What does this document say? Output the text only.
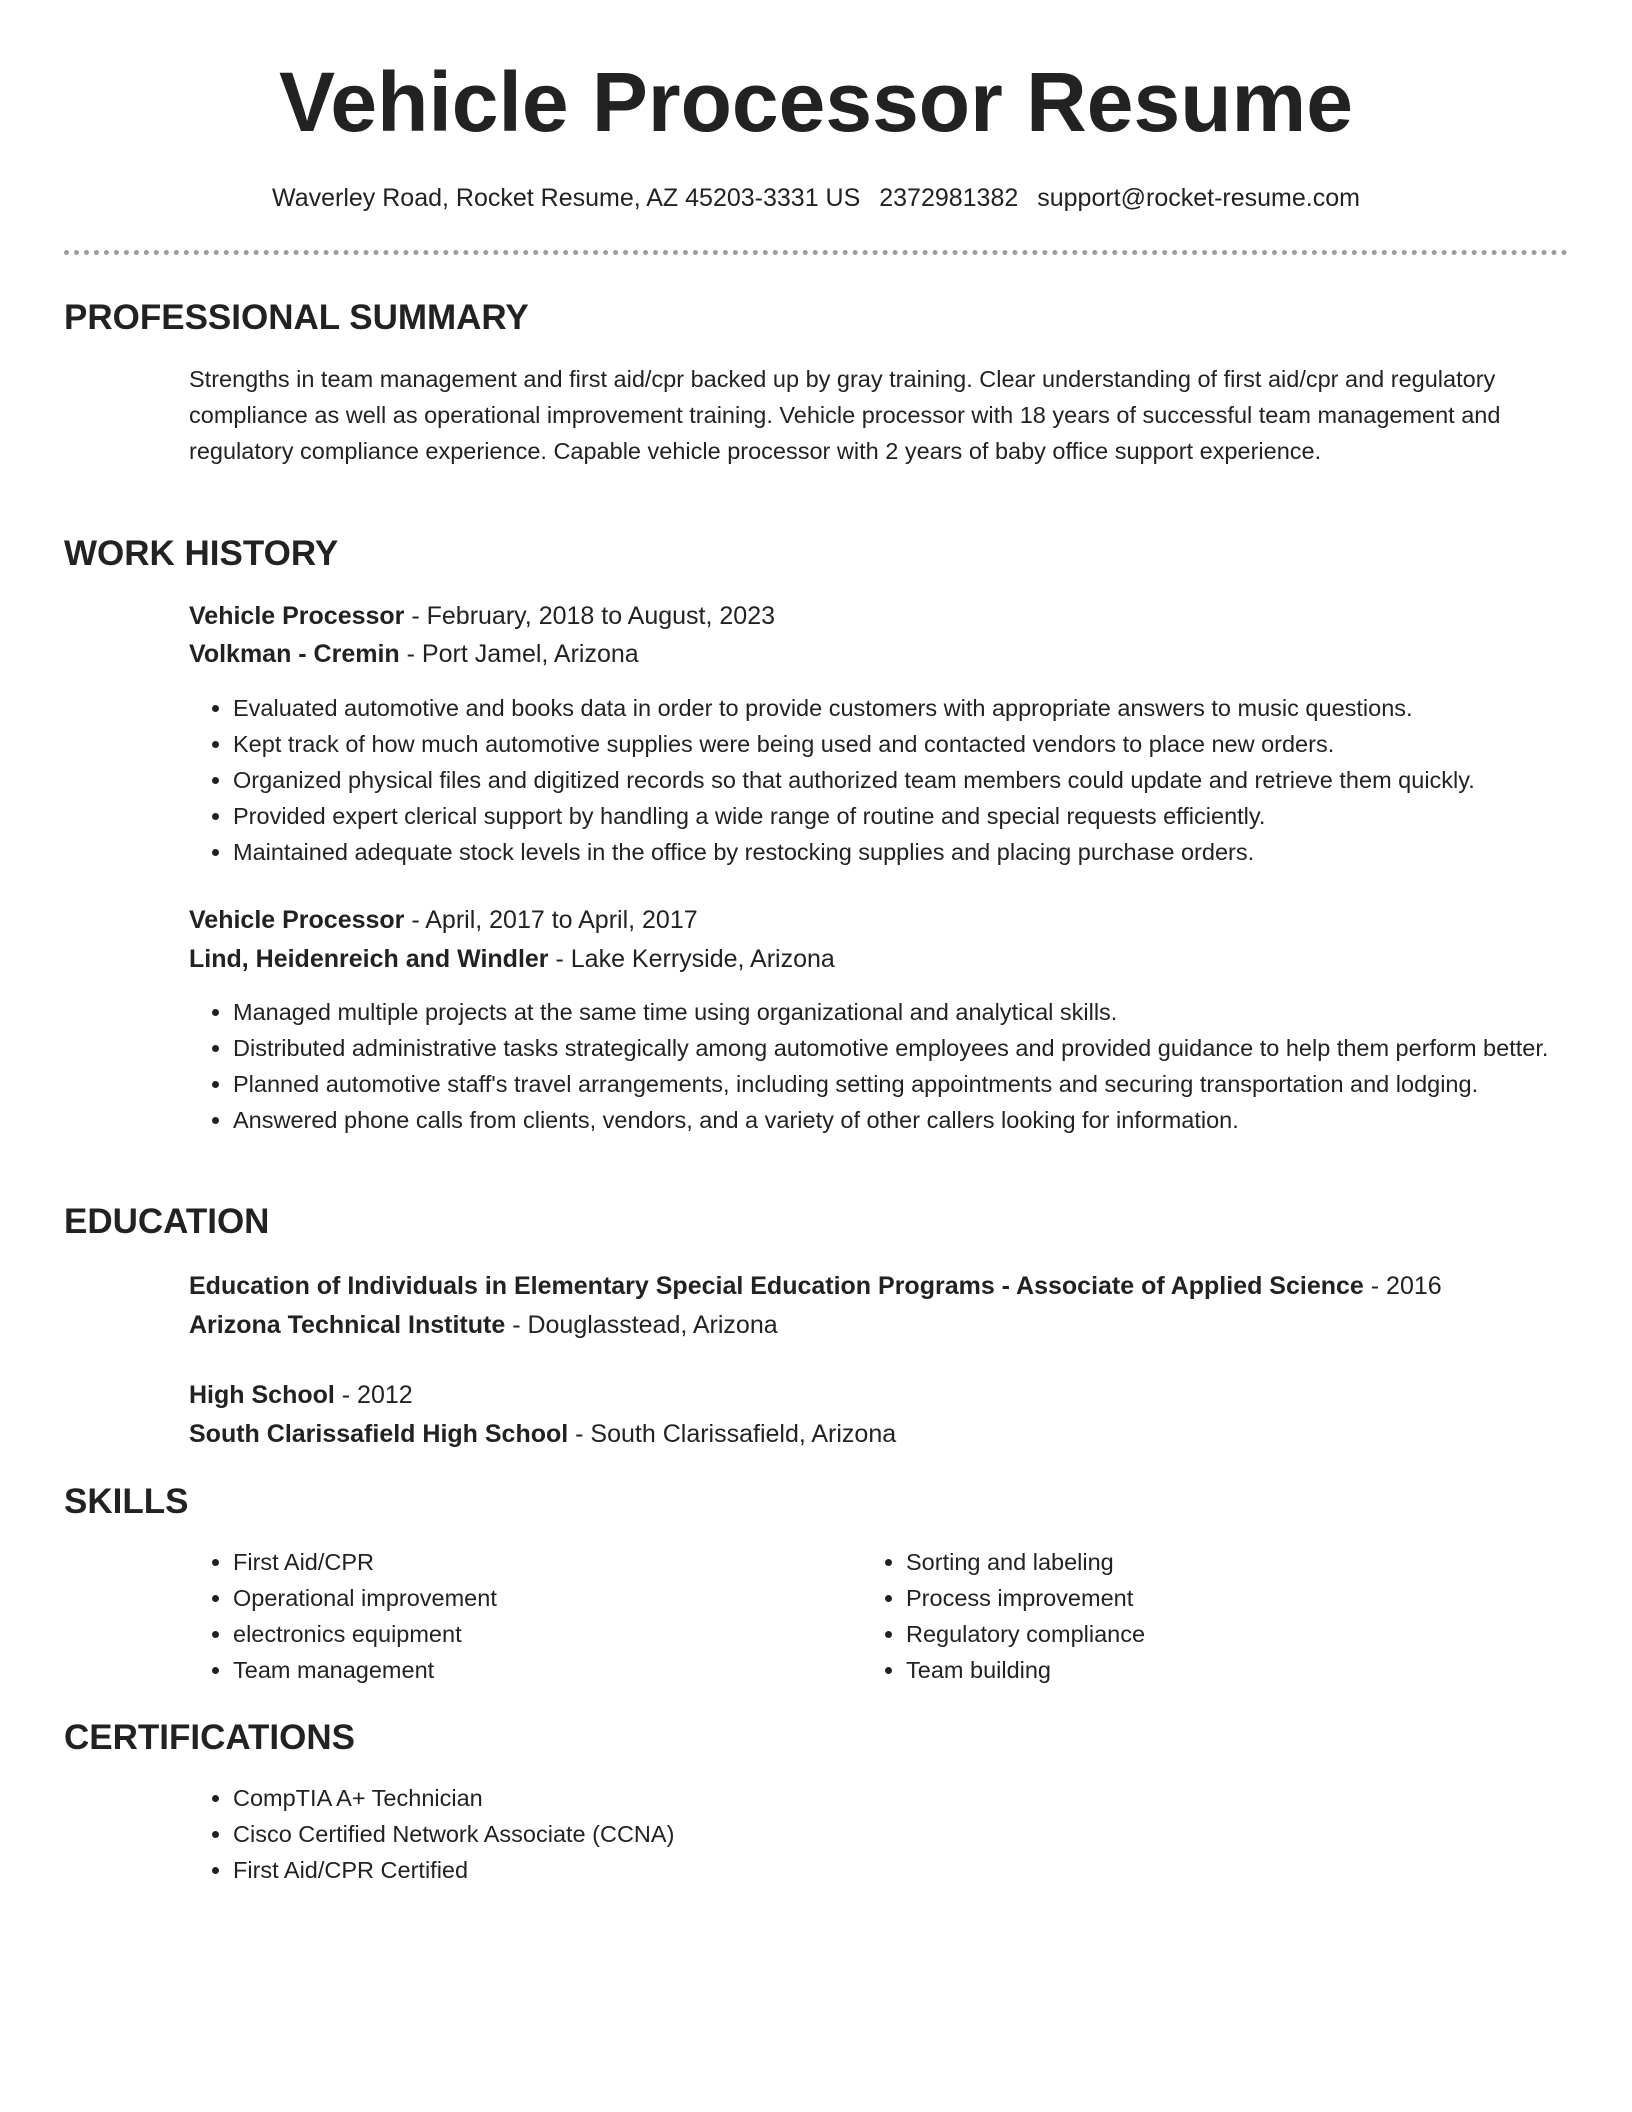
Vehicle Processor Resume
Waverley Road, Rocket Resume, AZ 45203-3331 US 2372981382 support@rocket-resume.com
PROFESSIONAL SUMMARY

Strengths in team management and first aid/cpr backed up by gray training. Clear understanding of first aid/cpr and regulatory compliance as well as operational improvement training. Vehicle processor with 18 years of successful team management and regulatory compliance experience. Capable vehicle processor with 2 years of baby office support experience.

WORK HISTORY
Vehicle Processor - February, 2018 to August, 2023
Volkman - Cremin - Port Jamel, Arizona
• Evaluated automotive and books data in order to provide customers with appropriate answers to music questions.
• Kept track of how much automotive supplies were being used and contacted vendors to place new orders.
• Organized physical files and digitized records so that authorized team members could update and retrieve them quickly.
• Provided expert clerical support by handling a wide range of routine and special requests efficiently.
• Maintained adequate stock levels in the office by restocking supplies and placing purchase orders.
Vehicle Processor - April, 2017 to April, 2017
Lind, Heidenreich and Windler - Lake Kerryside, Arizona
• Managed multiple projects at the same time using organizational and analytical skills.
• Distributed administrative tasks strategically among automotive employees and provided guidance to help them perform better.
• Planned automotive staff's travel arrangements, including setting appointments and securing transportation and lodging.
• Answered phone calls from clients, vendors, and a variety of other callers looking for information.
EDUCATION
Education of Individuals in Elementary Special Education Programs - Associate of Applied Science - 2016
Arizona Technical Institute - Douglasstead, Arizona
High School - 2012
South Clarissafield High School - South Clarissafield, Arizona
SKILLS
• First Aid/CPR
• Operational improvement
• electronics equipment
• Team management
• Sorting and labeling
• Process improvement
• Regulatory compliance
• Team building
CERTIFICATIONS
• CompTIA A+ Technician
• Cisco Certified Network Associate (CCNA)
• First Aid/CPR Certified
